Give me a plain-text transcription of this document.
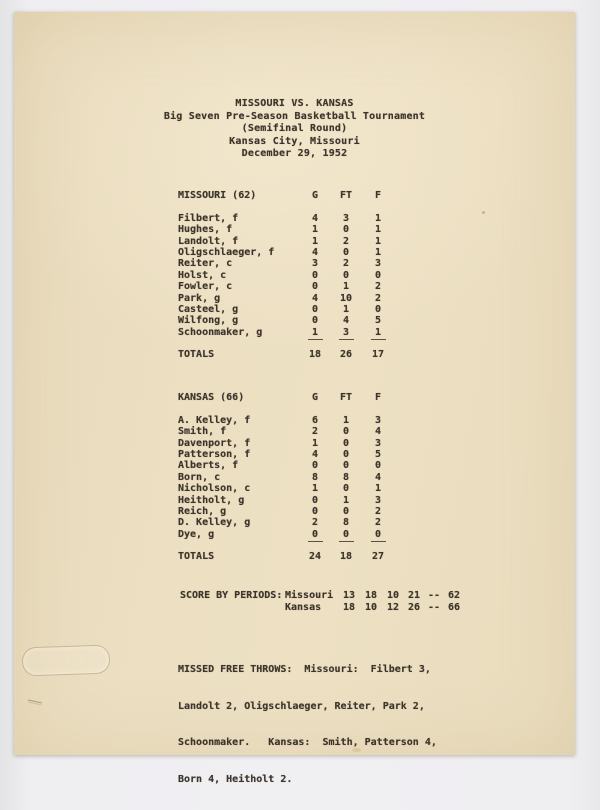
MISSOURI VS. KANSAS
Big Seven Pre-Season Basketball Tournament
(Semifinal Round)
Kansas City, Missouri
December 29, 1952
MISSOURI (62)	G	FT	F
Filbert, f	4	3	1
Hughes, f	1	0	1
Landolt, f	1	2	1
Oligschlaeger, f	4	0	1
Reiter, c	3	2	3
Holst, c	0	0	0
Fowler, c	0	1	2
Park, g	4	10	2
Casteel, g	0	1	0
Wilfong, g	0	4	5
Schoonmaker, g	1	3	1
TOTALS	18	26	17
KANSAS (66)	G	FT	F
A. Kelley, f	6	1	3
Smith, f	2	0	4
Davenport, f	1	0	3
Patterson, f	4	0	5
Alberts, f	0	0	0
Born, c	8	8	4
Nicholson, c	1	0	1
Heitholt, g	0	1	3
Reich, g	0	0	2
D. Kelley, g	2	8	2
Dye, g	0	0	0
TOTALS	24	18	27
SCORE BY PERIODS: Missouri 13 18 10 21 -- 62
Kansas	18 10 12 26 -- 66

MISSED FREE THROWS:  Missouri:  Filbert 3,

Landolt 2, Oligschlaeger, Reiter, Park 2,

Schoonmaker.   Kansas:  Smith, Patterson 4,

Born 4, Heitholt 2.
